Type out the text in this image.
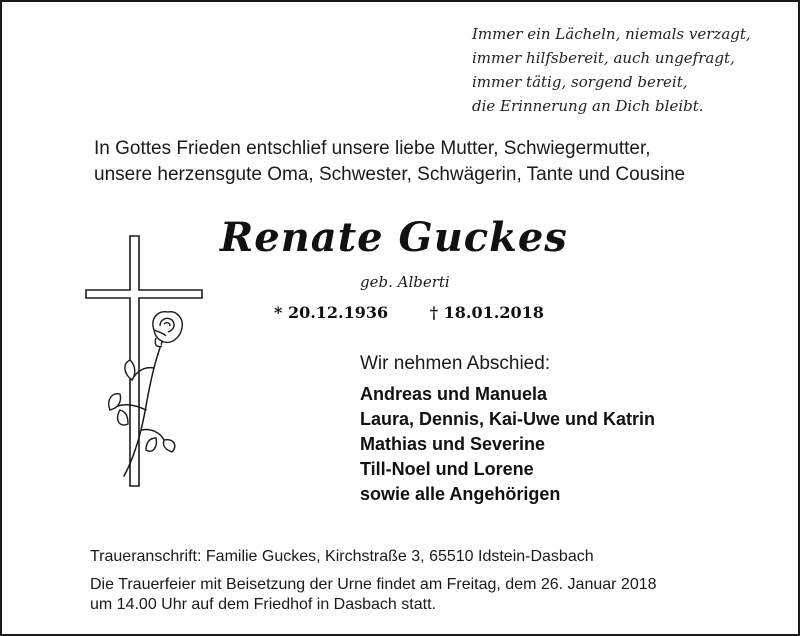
Immer ein Lächeln, niemals verzagt,
immer hilfsbereit, auch ungefragt,
immer tätig, sorgend bereit,
die Erinnerung an Dich bleibt.
In Gottes Frieden entschlief unsere liebe Mutter, Schwiegermutter,
unsere herzensgute Oma, Schwester, Schwägerin, Tante und Cousine
Renate Guckes
geb. Alberti
* 20.12.1936	† 18.01.2018
Wir nehmen Abschied:
Andreas und Manuela
Laura, Dennis, Kai-Uwe und Katrin
Mathias und Severine
Till-Noel und Lorene
sowie alle Angehörigen
Traueranschrift: Familie Guckes, Kirchstraße 3, 65510 Idstein-Dasbach
Die Trauerfeier mit Beisetzung der Urne findet am Freitag, dem 26. Januar 2018
um 14.00 Uhr auf dem Friedhof in Dasbach statt.
